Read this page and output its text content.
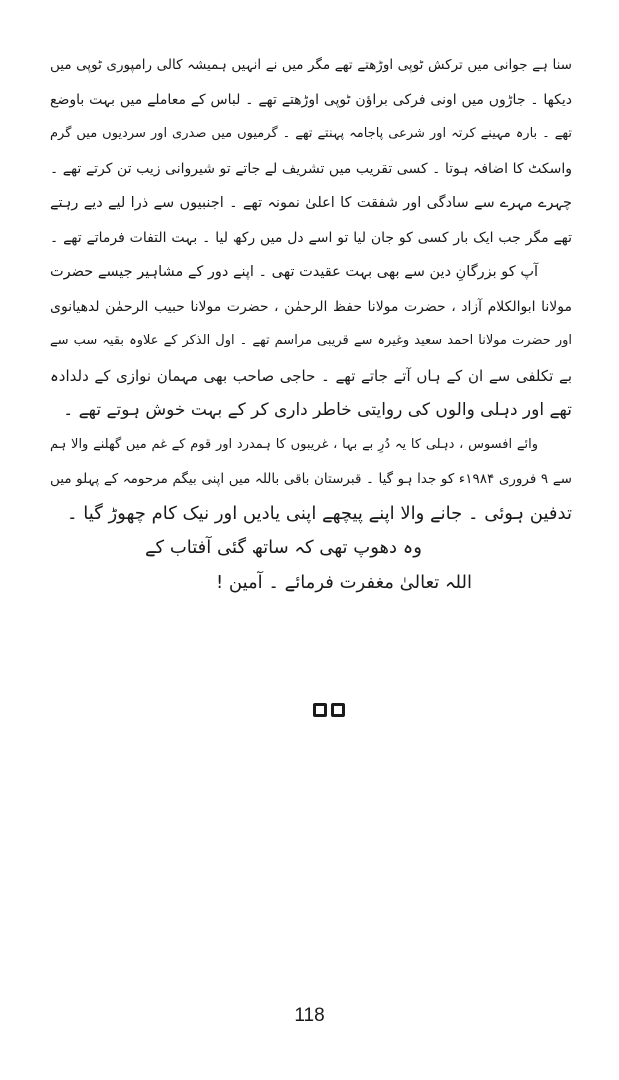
سنا ہے جوانی میں ترکش ٹوپی اوڑھتے تھے مگر میں نے انہیں ہمیشہ کالی رامپوری ٹوپی میں
دیکھا ۔ جاڑوں میں اونی فرکی براؤن ٹوپی اوڑھتے تھے ۔ لباس کے معاملے میں بہت باوضع
تھے ۔ بارہ مہینے کرتہ اور شرعی پاجامہ پہنتے تھے ۔ گرمیوں میں صدری اور سردیوں میں گرم
واسکٹ کا اضافہ ہوتا ۔ کسی تقریب میں تشریف لے جاتے تو شیروانی زیب تن کرتے تھے ۔
چہرے مہرے سے سادگی اور شفقت کا اعلیٰ نمونہ تھے ۔ اجنبیوں سے ذرا لیے دیے رہتے
تھے مگر جب ایک بار کسی کو جان لیا تو اسے دل میں رکھ لیا ۔ بہت التفات فرماتے تھے ۔
آپ کو بزرگانِ دین سے بھی بہت عقیدت تھی ۔ اپنے دور کے مشاہیر جیسے حضرت
مولانا ابوالکلام آزاد ، حضرت مولانا حفظ الرحمٰن ، حضرت مولانا حبیب الرحمٰن لدھیانوی
اور حضرت مولانا احمد سعید وغیرہ سے قریبی مراسم تھے ۔ اول الذکر کے علاوہ بقیہ سب سے
بے تکلفی سے ان کے ہاں آتے جاتے تھے ۔ حاجی صاحب بھی مہمان نوازی کے دلدادہ
تھے اور دہلی والوں کی روایتی خاطر داری کر کے بہت خوش ہوتے تھے ۔
وائے افسوس ، دہلی کا یہ دُرِ بے بہا ، غریبوں کا ہمدرد اور قوم کے غم میں گھلنے والا ہم
سے ۹ فروری ۱۹۸۴ء کو جدا ہو گیا ۔ قبرستان باقی باللہ میں اپنی بیگم مرحومہ کے پہلو میں
تدفین ہوئی ۔ جانے والا اپنے پیچھے اپنی یادیں اور نیک کام چھوڑ گیا ۔
وہ دھوپ تھی کہ ساتھ گئی آفتاب کے
اللہ تعالیٰ مغفرت فرمائے ۔ آمین !
118
